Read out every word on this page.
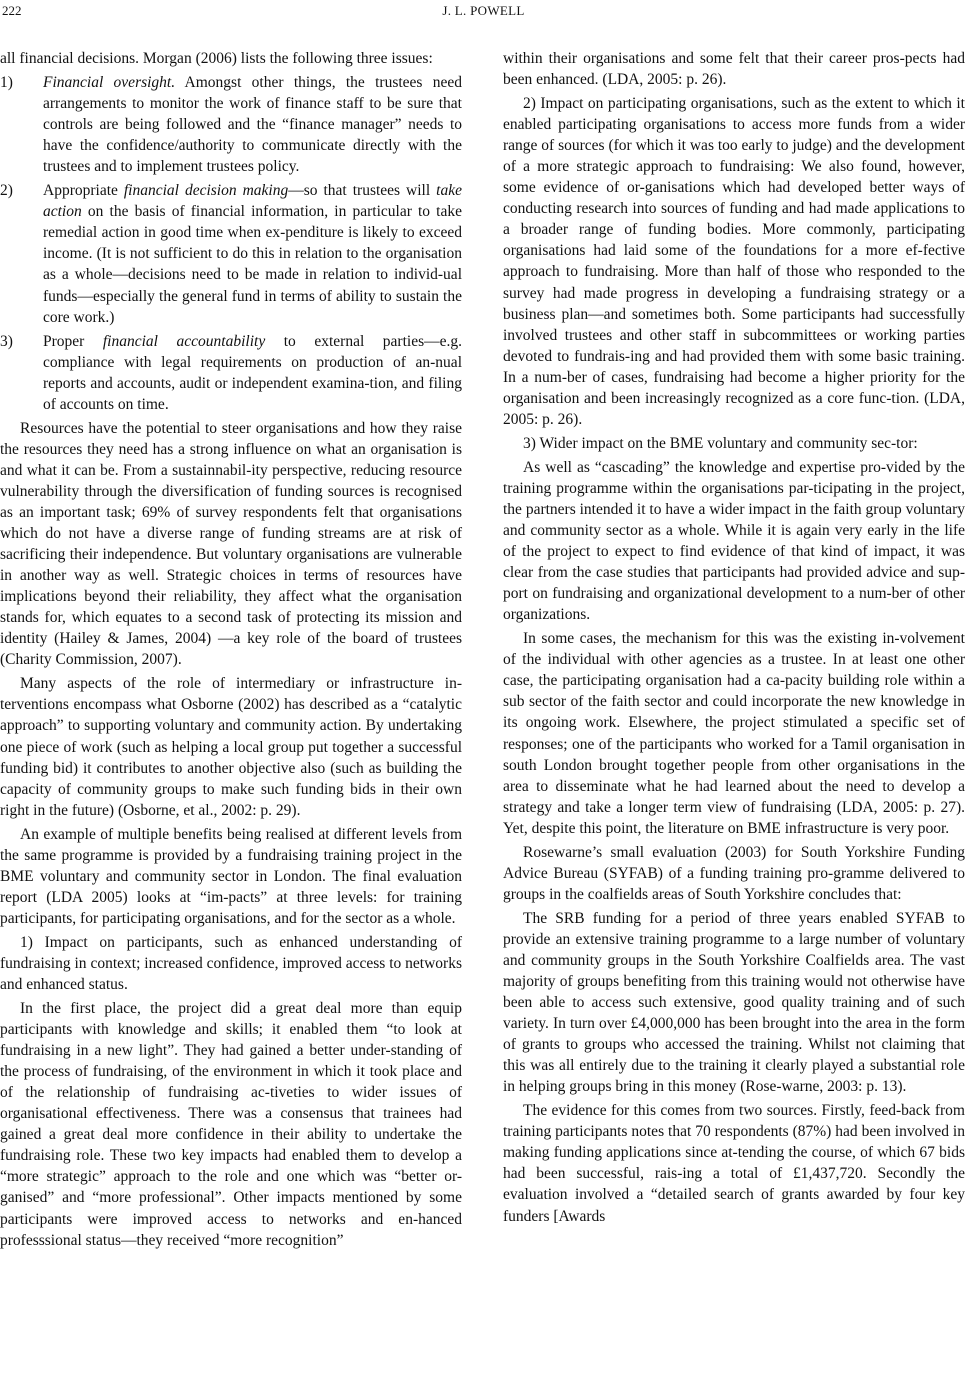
222	J. L. POWELL

all financial decisions. Morgan (2006) lists the following three issues:

1)	Financial oversight. Amongst other things, the trustees need arrangements to monitor the work of finance staff to be sure that controls are being followed and the “finance manager” needs to have the confidence/authority to communicate directly with the trustees and to implement trustees policy.
2)	Appropriate financial decision making—so that trustees will take action on the basis of financial information, in particular to take remedial action in good time when ex-penditure is likely to exceed income. (It is not sufficient to do this in relation to the organisation as a whole—decisions need to be made in relation to individ-ual funds—especially the general fund in terms of ability to sustain the core work.)
3)	Proper financial accountability to external parties—e.g. compliance with legal requirements on production of an-nual reports and accounts, audit or independent examina-tion, and filing of accounts on time.

Resources have the potential to steer organisations and how they raise the resources they need has a strong influence on what an organisation is and what it can be. From a sustainnabil-ity perspective, reducing resource vulnerability through the diversification of funding sources is recognised as an important task; 69% of survey respondents felt that organisations which do not have a diverse range of funding streams are at risk of sacrificing their independence. But voluntary organisations are vulnerable in another way as well. Strategic choices in terms of resources have implications beyond their reliability, they affect what the organisation stands for, which equates to a second task of protecting its mission and identity (Hailey & James, 2004) —a key role of the board of trustees (Charity Commission, 2007).

Many aspects of the role of intermediary or infrastructure in-terventions encompass what Osborne (2002) has described as a “catalytic approach” to supporting voluntary and community action. By undertaking one piece of work (such as helping a local group put together a successful funding bid) it contributes to another objective also (such as building the capacity of community groups to make such funding bids in their own right in the future) (Osborne, et al., 2002: p. 29).

An example of multiple benefits being realised at different levels from the same programme is provided by a fundraising training project in the BME voluntary and community sector in London. The final evaluation report (LDA 2005) looks at “im-pacts” at three levels: for training participants, for participating organisations, and for the sector as a whole.

1) Impact on participants, such as enhanced understanding of fundraising in context; increased confidence, improved access to networks and enhanced status.

In the first place, the project did a great deal more than equip participants with knowledge and skills; it enabled them “to look at fundraising in a new light”. They had gained a better under-standing of the process of fundraising, of the environment in which it took place and of the relationship of fundraising ac-tiveties to wider issues of organisational effectiveness. There was a consensus that trainees had gained a great deal more confidence in their ability to undertake the fundraising role. These two key impacts had enabled them to develop a “more strategic” approach to the role and one which was “better or-ganised” and “more professional”. Other impacts mentioned by some participants were improved access to networks and en-hanced professsional status—they received “more recognition”

within their organisations and some felt that their career pros-pects had been enhanced. (LDA, 2005: p. 26).

2) Impact on participating organisations, such as the extent to which it enabled participating organisations to access more funds from a wider range of sources (for which it was too early to judge) and the development of a more strategic approach to fundraising: We also found, however, some evidence of or-ganisations which had developed better ways of conducting research into sources of funding and had made applications to a broader range of funding bodies. More commonly, participating organisations had laid some of the foundations for a more ef-fective approach to fundraising. More than half of those who responded to the survey had made progress in developing a fundraising strategy or a business plan—and sometimes both. Some participants had successfully involved trustees and other staff in subcommittees or working parties devoted to fundrais-ing and had provided them with some basic training. In a num-ber of cases, fundraising had become a higher priority for the organisation and been increasingly recognized as a core func-tion. (LDA, 2005: p. 26).

3) Wider impact on the BME voluntary and community sec-tor:

As well as “cascading” the knowledge and expertise pro-vided by the training programme within the organisations par-ticipating in the project, the partners intended it to have a wider impact in the faith group voluntary and community sector as a whole. While it is again very early in the life of the project to expect to find evidence of that kind of impact, it was clear from the case studies that participants had provided advice and sup-port on fundraising and organizational development to a num-ber of other organizations.

In some cases, the mechanism for this was the existing in-volvement of the individual with other agencies as a trustee. In at least one other case, the participating organisation had a ca-pacity building role within a sub sector of the faith sector and could incorporate the new knowledge in its ongoing work. Elsewhere, the project stimulated a specific set of responses; one of the participants who worked for a Tamil organisation in south London brought together people from other organisations in the area to disseminate what he had learned about the need to develop a strategy and take a longer term view of fundraising (LDA, 2005: p. 27). Yet, despite this point, the literature on BME infrastructure is very poor.

Rosewarne’s small evaluation (2003) for South Yorkshire Funding Advice Bureau (SYFAB) of a funding training pro-gramme delivered to groups in the coalfields areas of South Yorkshire concludes that:

The SRB funding for a period of three years enabled SYFAB to provide an extensive training programme to a large number of voluntary and community groups in the South Yorkshire Coalfields area. The vast majority of groups benefiting from this training would not otherwise have been able to access such extensive, good quality training and of such variety. In turn over £4,000,000 has been brought into the area in the form of grants to groups who accessed the training. Whilst not claiming that this was all entirely due to the training it clearly played a substantial role in helping groups bring in this money (Rose-warne, 2003: p. 13).

The evidence for this comes from two sources. Firstly, feed-back from training participants notes that 70 respondents (87%) had been involved in making funding applications since at-tending the course, of which 67 bids had been successful, rais-ing a total of £1,437,720. Secondly the evaluation involved a “detailed search of grants awarded by four key funders [Awards
